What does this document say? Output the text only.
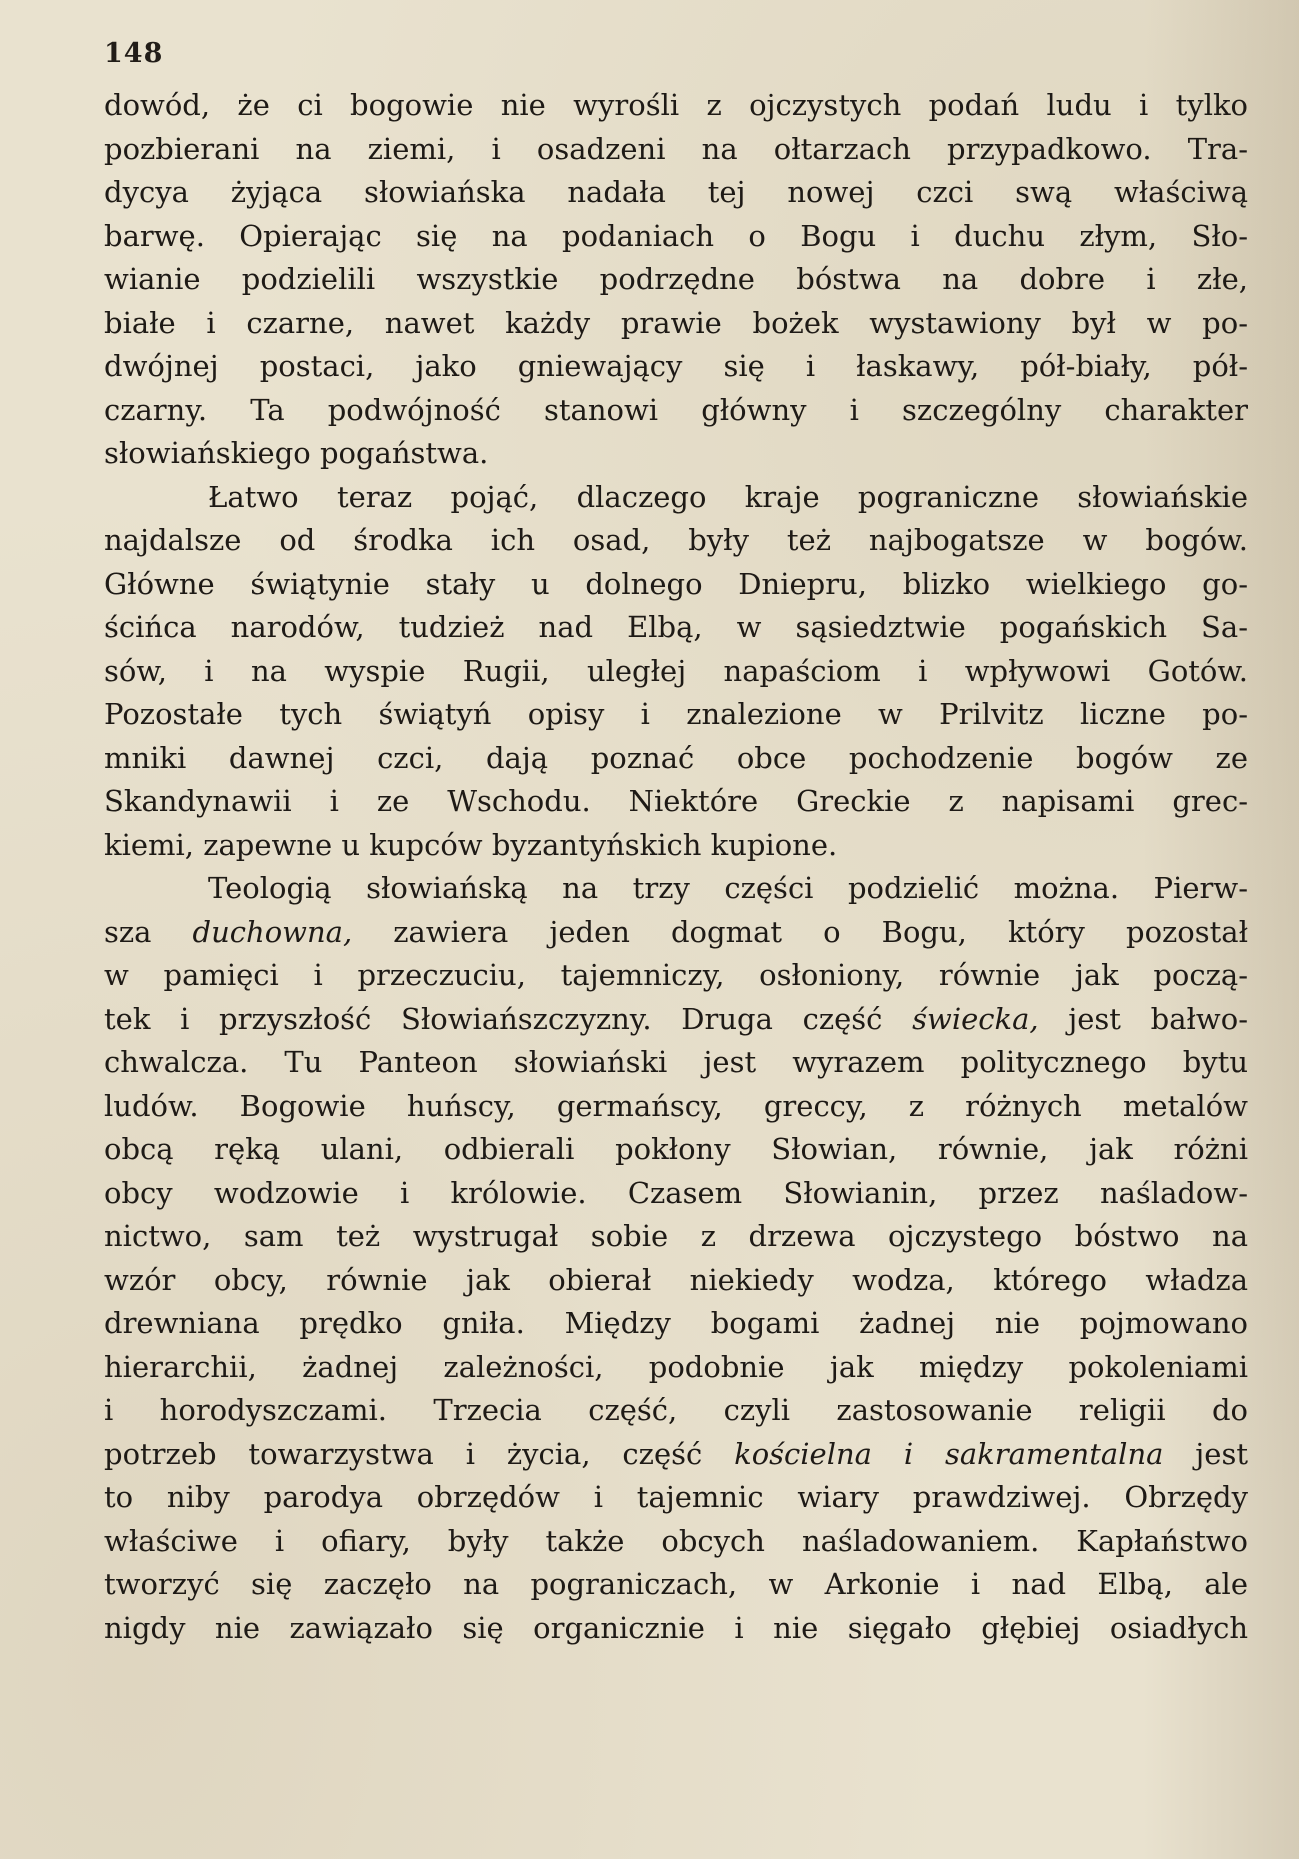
148
dowód, że ci bogowie nie wyrośli z ojczystych podań ludu i tylko
pozbierani na ziemi, i osadzeni na ołtarzach przypadkowo. Tra-
dycya żyjąca słowiańska nadała tej nowej czci swą właściwą
barwę. Opierając się na podaniach o Bogu i duchu złym, Sło-
wianie podzielili wszystkie podrzędne bóstwa na dobre i złe,
białe i czarne, nawet każdy prawie bożek wystawiony był w po-
dwójnej postaci, jako gniewający się i łaskawy, pół-biały, pół-
czarny. Ta podwójność stanowi główny i szczególny charakter
słowiańskiego pogaństwa.
Łatwo teraz pojąć, dlaczego kraje pograniczne słowiańskie
najdalsze od środka ich osad, były też najbogatsze w bogów.
Główne świątynie stały u dolnego Dniepru, blizko wielkiego go-
ścińca narodów, tudzież nad Elbą, w sąsiedztwie pogańskich Sa-
sów, i na wyspie Rugii, uległej napaściom i wpływowi Gotów.
Pozostałe tych świątyń opisy i znalezione w Prilvitz liczne po-
mniki dawnej czci, dają poznać obce pochodzenie bogów ze
Skandynawii i ze Wschodu. Niektóre Greckie z napisami grec-
kiemi, zapewne u kupców byzantyńskich kupione.
Teologią słowiańską na trzy części podzielić można. Pierw-
sza duchowna, zawiera jeden dogmat o Bogu, który pozostał
w pamięci i przeczuciu, tajemniczy, osłoniony, równie jak począ-
tek i przyszłość Słowiańszczyzny. Druga część świecka, jest bałwo-
chwalcza. Tu Panteon słowiański jest wyrazem politycznego bytu
ludów. Bogowie huńscy, germańscy, greccy, z różnych metalów
obcą ręką ulani, odbierali pokłony Słowian, równie, jak różni
obcy wodzowie i królowie. Czasem Słowianin, przez naśladow-
nictwo, sam też wystrugał sobie z drzewa ojczystego bóstwo na
wzór obcy, równie jak obierał niekiedy wodza, którego władza
drewniana prędko gniła. Między bogami żadnej nie pojmowano
hierarchii, żadnej zależności, podobnie jak między pokoleniami
i horodyszczami. Trzecia część, czyli zastosowanie religii do
potrzeb towarzystwa i życia, część kościelna i sakramentalna jest
to niby parodya obrzędów i tajemnic wiary prawdziwej. Obrzędy
właściwe i ofiary, były także obcych naśladowaniem. Kapłaństwo
tworzyć się zaczęło na pograniczach, w Arkonie i nad Elbą, ale
nigdy nie zawiązało się organicznie i nie sięgało głębiej osiadłych
